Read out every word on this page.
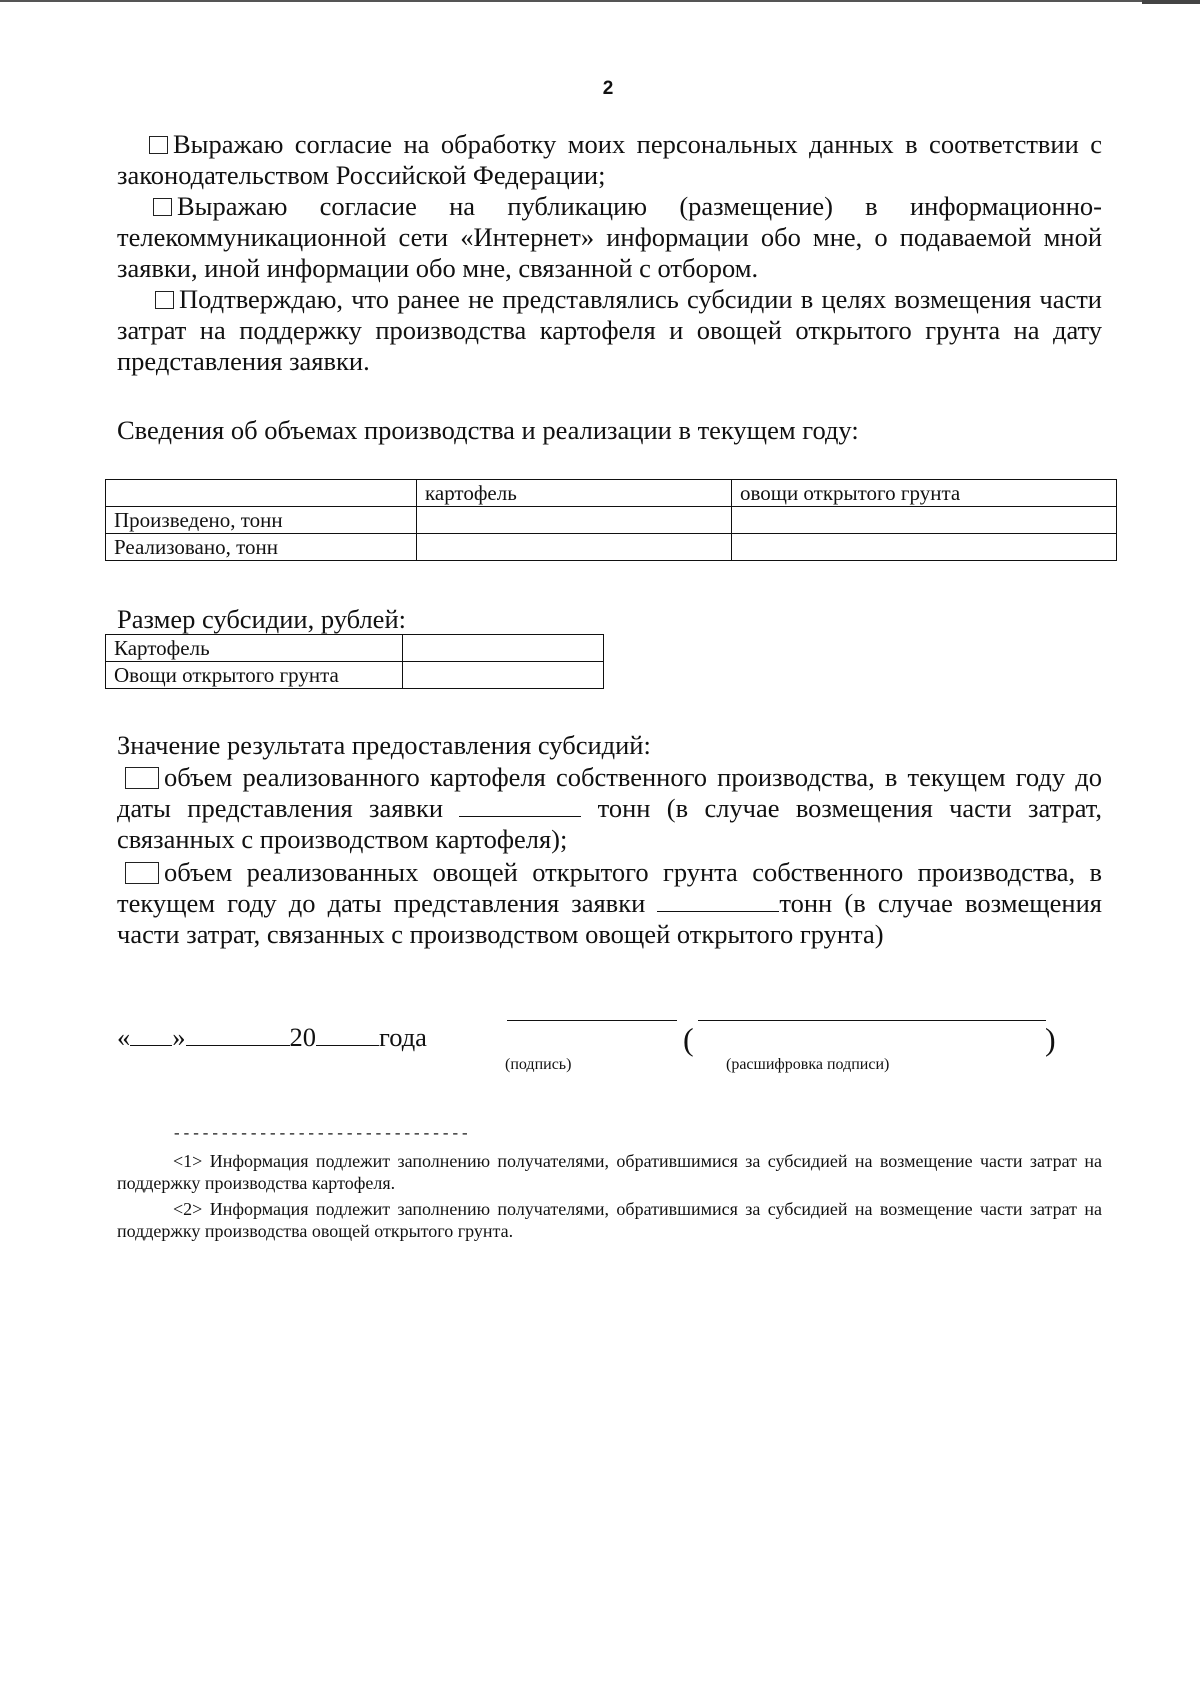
2
Выражаю согласие на обработку моих персональных данных в соответствии с законодательством Российской Федерации;
Выражаю согласие на публикацию (размещение) в информационно-телекоммуникационной сети «Интернет» информации обо мне, о подаваемой мной заявки, иной информации обо мне, связанной с отбором.
Подтверждаю, что ранее не представлялись субсидии в целях возмещения части затрат на поддержку производства картофеля и овощей открытого грунта на дату представления заявки.
Сведения об объемах производства и реализации в текущем году:
	картофель	овощи открытого грунта
Произведено, тонн		
Реализовано, тонн		
Размер субсидии, рублей:
Картофель	
Овощи открытого грунта	
Значение результата предоставления субсидий:
объем реализованного картофеля собственного производства, в текущем году до даты представления заявки	тонн (в случае возмещения части затрат, связанных с производством картофеля);
объем реализованных овощей открытого грунта собственного производства, в текущем году до даты представления заявки	тонн (в случае возмещения части затрат, связанных с производством овощей открытого грунта)
« »	20 года	(	)
(подпись)	(расшифровка подписи)
-------------------------------
<1> Информация подлежит заполнению получателями, обратившимися за субсидией на возмещение части затрат на поддержку производства картофеля.
<2> Информация подлежит заполнению получателями, обратившимися за субсидией на возмещение части затрат на поддержку производства овощей открытого грунта.
